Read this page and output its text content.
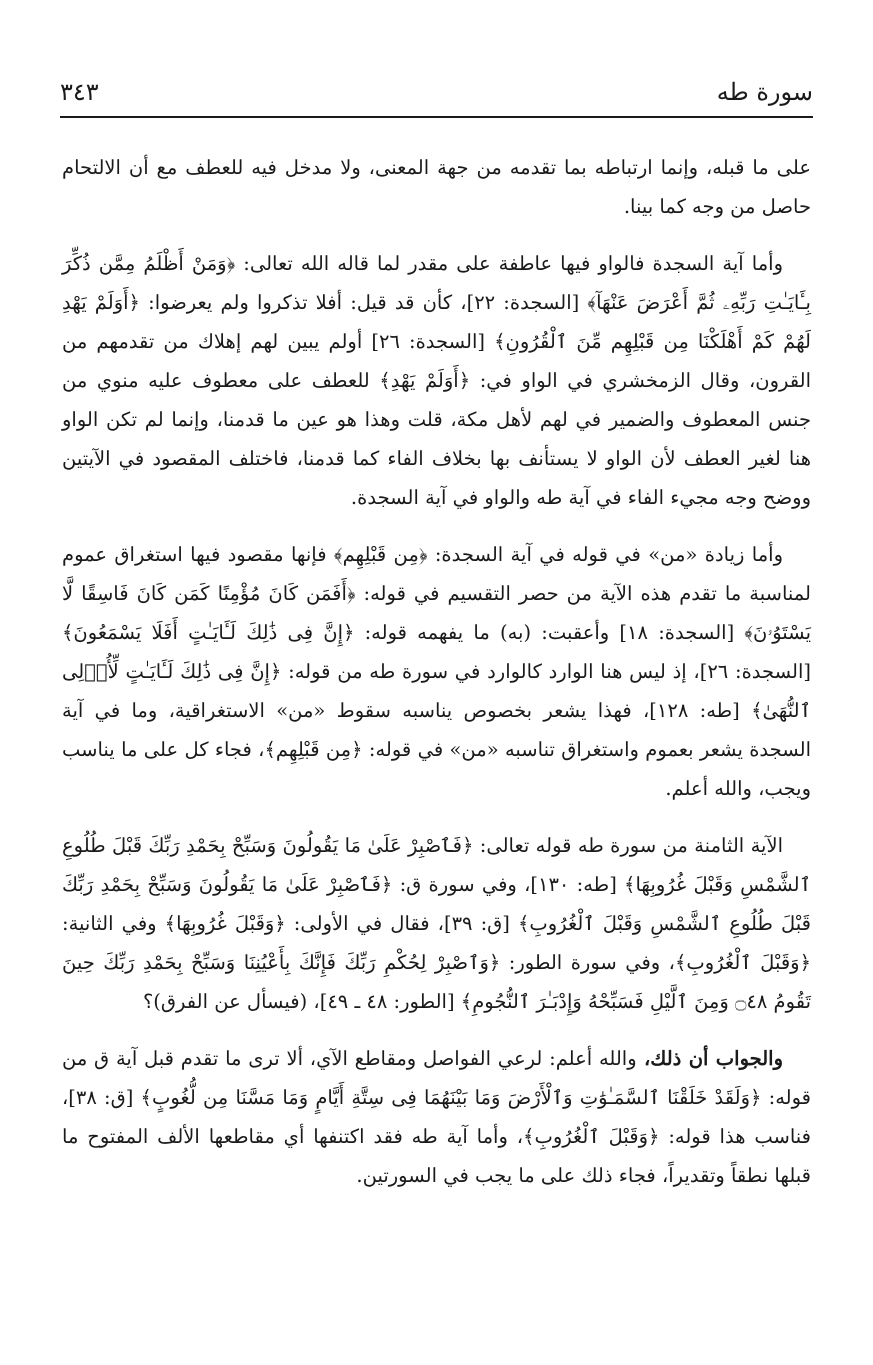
سورة طه
٣٤٣

على ما قبله، وإنما ارتباطه بما تقدمه من جهة المعنى، ولا مدخل فيه للعطف مع أن الالتحام حاصل من وجه كما بينا.

وأما آية السجدة فالواو فيها عاطفة على مقدر لما قاله الله تعالى: ﴿وَمَنْ أَظْلَمُ مِمَّن ذُكِّرَ بِـَٔايَـٰتِ رَبِّهِۦ ثُمَّ أَعْرَضَ عَنْهَآ﴾ [السجدة: ٢٢]، كأن قد قيل: أفلا تذكروا ولم يعرضوا: ﴿أَوَلَمْ يَهْدِ لَهُمْ كَمْ أَهْلَكْنَا مِن قَبْلِهِم مِّنَ ٱلْقُرُونِ﴾ [السجدة: ٢٦] أولم يبين لهم إهلاك من تقدمهم من القرون، وقال الزمخشري في الواو في: ﴿أَوَلَمْ يَهْدِ﴾ للعطف على معطوف عليه منوي من جنس المعطوف والضمير في لهم لأهل مكة، قلت وهذا هو عين ما قدمنا، وإنما لم تكن الواو هنا لغير العطف لأن الواو لا يستأنف بها بخلاف الفاء كما قدمنا، فاختلف المقصود في الآيتين ووضح وجه مجيء الفاء في آية طه والواو في آية السجدة.

وأما زيادة «من» في قوله في آية السجدة: ﴿مِن قَبْلِهِم﴾ فإنها مقصود فيها استغراق عموم لمناسبة ما تقدم هذه الآية من حصر التقسيم في قوله: ﴿أَفَمَن كَانَ مُؤْمِنًا كَمَن كَانَ فَاسِقًا لَّا يَسْتَوُۥنَ﴾ [السجدة: ١٨] وأعقبت: (به) ما يفهمه قوله: ﴿إِنَّ فِى ذَٰلِكَ لَـَٔايَـٰتٍ أَفَلَا يَسْمَعُونَ﴾ [السجدة: ٢٦]، إذ ليس هنا الوارد كالوارد في سورة طه من قوله: ﴿إِنَّ فِى ذَٰلِكَ لَـَٔايَـٰتٍ لِّأُو۟لِى ٱلنُّهَىٰ﴾ [طه: ١٢٨]، فهذا يشعر بخصوص يناسبه سقوط «من» الاستغراقية، وما في آية السجدة يشعر بعموم واستغراق تناسبه «من» في قوله: ﴿مِن قَبْلِهِم﴾، فجاء كل على ما يناسب ويجب، والله أعلم.

الآية الثامنة من سورة طه قوله تعالى: ﴿فَٱصْبِرْ عَلَىٰ مَا يَقُولُونَ وَسَبِّحْ بِحَمْدِ رَبِّكَ قَبْلَ طُلُوعِ ٱلشَّمْسِ وَقَبْلَ غُرُوبِهَا﴾ [طه: ١٣٠]، وفي سورة ق: ﴿فَٱصْبِرْ عَلَىٰ مَا يَقُولُونَ وَسَبِّحْ بِحَمْدِ رَبِّكَ قَبْلَ طُلُوعِ ٱلشَّمْسِ وَقَبْلَ ٱلْغُرُوبِ﴾ [ق: ٣٩]، فقال في الأولى: ﴿وَقَبْلَ غُرُوبِهَا﴾ وفي الثانية: ﴿وَقَبْلَ ٱلْغُرُوبِ﴾، وفي سورة الطور: ﴿وَٱصْبِرْ لِحُكْمِ رَبِّكَ فَإِنَّكَ بِأَعْيُنِنَا وَسَبِّحْ بِحَمْدِ رَبِّكَ حِينَ تَقُومُ ۝٤٨ وَمِنَ ٱلَّيْلِ فَسَبِّحْهُ وَإِدْبَـٰرَ ٱلنُّجُومِ﴾ [الطور: ٤٨ ـ ٤٩]، (فيسأل عن الفرق)؟

والجواب أن ذلك، والله أعلم: لرعي الفواصل ومقاطع الآي، ألا ترى ما تقدم قبل آية ق من قوله: ﴿وَلَقَدْ خَلَقْنَا ٱلسَّمَـٰوَٰتِ وَٱلْأَرْضَ وَمَا بَيْنَهُمَا فِى سِتَّةِ أَيَّامٍ وَمَا مَسَّنَا مِن لُّغُوبٍ﴾ [ق: ٣٨]، فناسب هذا قوله: ﴿وَقَبْلَ ٱلْغُرُوبِ﴾، وأما آية طه فقد اكتنفها أي مقاطعها الألف المفتوح ما قبلها نطقاً وتقديراً، فجاء ذلك على ما يجب في السورتين.
